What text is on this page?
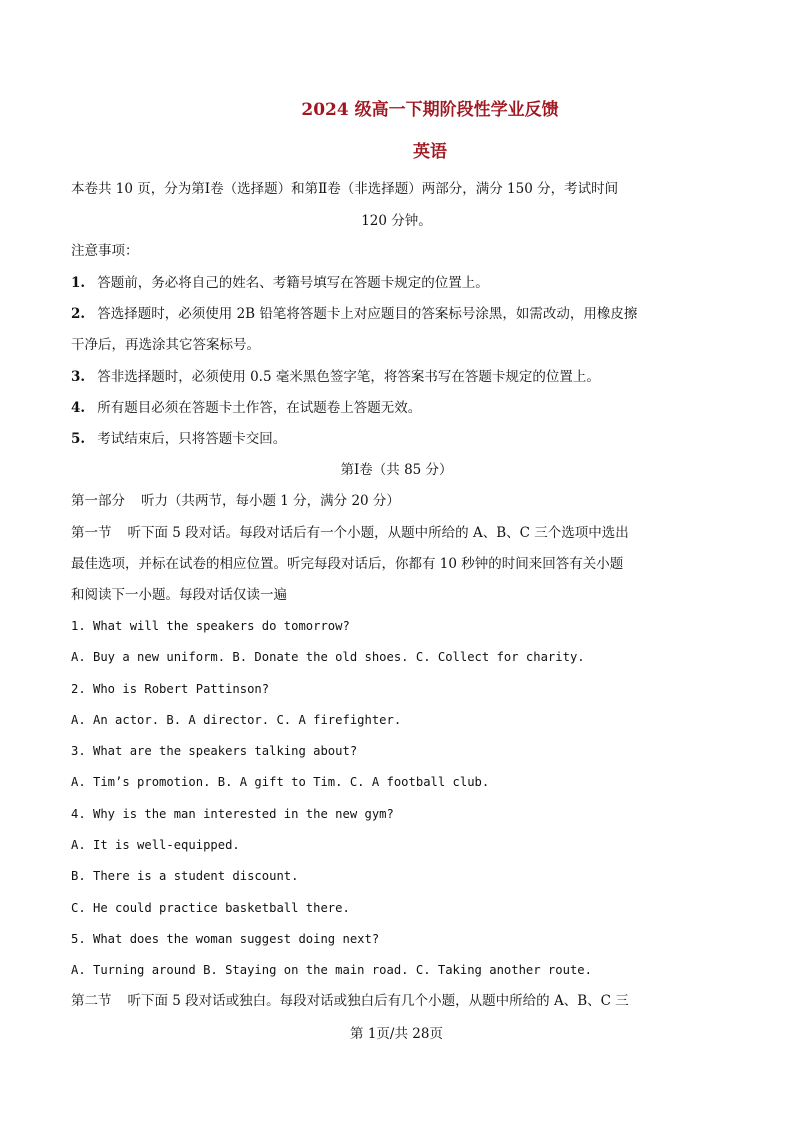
2024 级高一下期阶段性学业反馈
英语
本卷共 10 页，分为第Ⅰ卷（选择题）和第Ⅱ卷（非选择题）两部分，满分 150 分，考试时间
120 分钟。
注意事项：
1. 答题前，务必将自己的姓名、考籍号填写在答题卡规定的位置上。
2. 答选择题时，必须使用 2B 铅笔将答题卡上对应题目的答案标号涂黑，如需改动，用橡皮擦
干净后，再选涂其它答案标号。
3. 答非选择题时，必须使用 0.5 毫米黑色签字笔，将答案书写在答题卡规定的位置上。
4. 所有题目必须在答题卡土作答，在试题卷上答题无效。
5. 考试结束后，只将答题卡交回。
第Ⅰ卷（共 85 分）
第一部分 听力（共两节，每小题 1 分，满分 20 分）
第一节 听下面 5 段对话。每段对话后有一个小题，从题中所给的 A、B、C 三个选项中选出
最佳选项，并标在试卷的相应位置。听完每段对话后，你都有 10 秒钟的时间来回答有关小题
和阅读下一小题。每段对话仅读一遍
1. What will the speakers do tomorrow?
A. Buy a new uniform. B. Donate the old shoes. C. Collect for charity.
2. Who is Robert Pattinson?
A. An actor. B. A director. C. A firefighter.
3. What are the speakers talking about?
A. Tim’s promotion. B. A gift to Tim. C. A football club.
4. Why is the man interested in the new gym?
A. It is well-equipped.
B. There is a student discount.
C. He could practice basketball there.
5. What does the woman suggest doing next?
A. Turning around B. Staying on the main road. C. Taking another route.
第二节 听下面 5 段对话或独白。每段对话或独白后有几个小题，从题中所给的 A、B、C 三
第 1页/共 28页
